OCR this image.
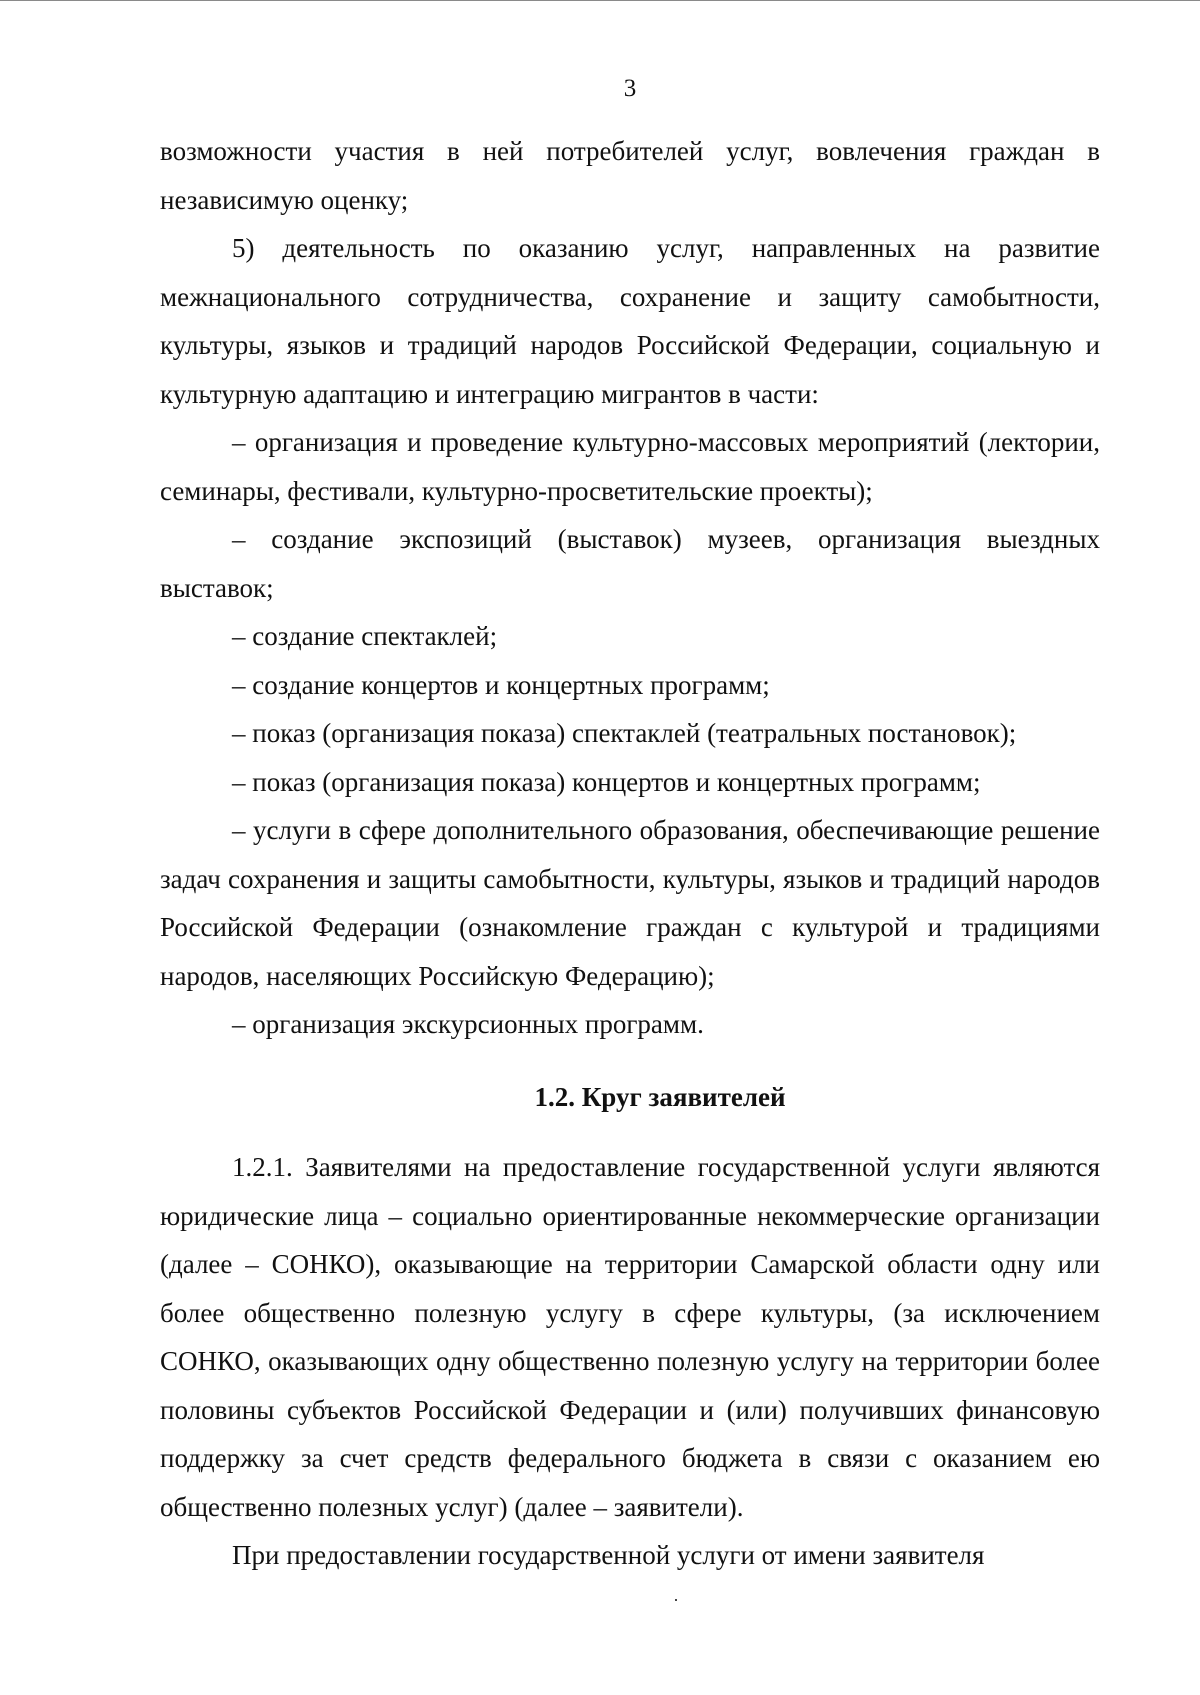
3

возможности участия в ней потребителей услуг, вовлечения граждан в независимую оценку;

5) деятельность по оказанию услуг, направленных на развитие межнационального сотрудничества, сохранение и защиту самобытности, культуры, языков и традиций народов Российской Федерации, социальную и культурную адаптацию и интеграцию мигрантов в части:

– организация и проведение культурно-массовых мероприятий (лектории, семинары, фестивали, культурно-просветительские проекты);

– создание экспозиций (выставок) музеев, организация выездных выставок;

– создание спектаклей;

– создание концертов и концертных программ;

– показ (организация показа) спектаклей (театральных постановок);

– показ (организация показа) концертов и концертных программ;

– услуги в сфере дополнительного образования, обеспечивающие решение задач сохранения и защиты самобытности, культуры, языков и традиций народов Российской Федерации (ознакомление граждан с культурой и традициями народов, населяющих Российскую Федерацию);

– организация экскурсионных программ.

1.2. Круг заявителей

1.2.1. Заявителями на предоставление государственной услуги являются юридические лица – социально ориентированные некоммерческие организации (далее – СОНКО), оказывающие на территории Самарской области одну или более общественно полезную услугу в сфере культуры, (за исключением СОНКО, оказывающих одну общественно полезную услугу на территории более половины субъектов Российской Федерации и (или) получивших финансовую поддержку за счет средств федерального бюджета в связи с оказанием ею общественно полезных услуг) (далее – заявители).

При предоставлении государственной услуги от имени заявителя
